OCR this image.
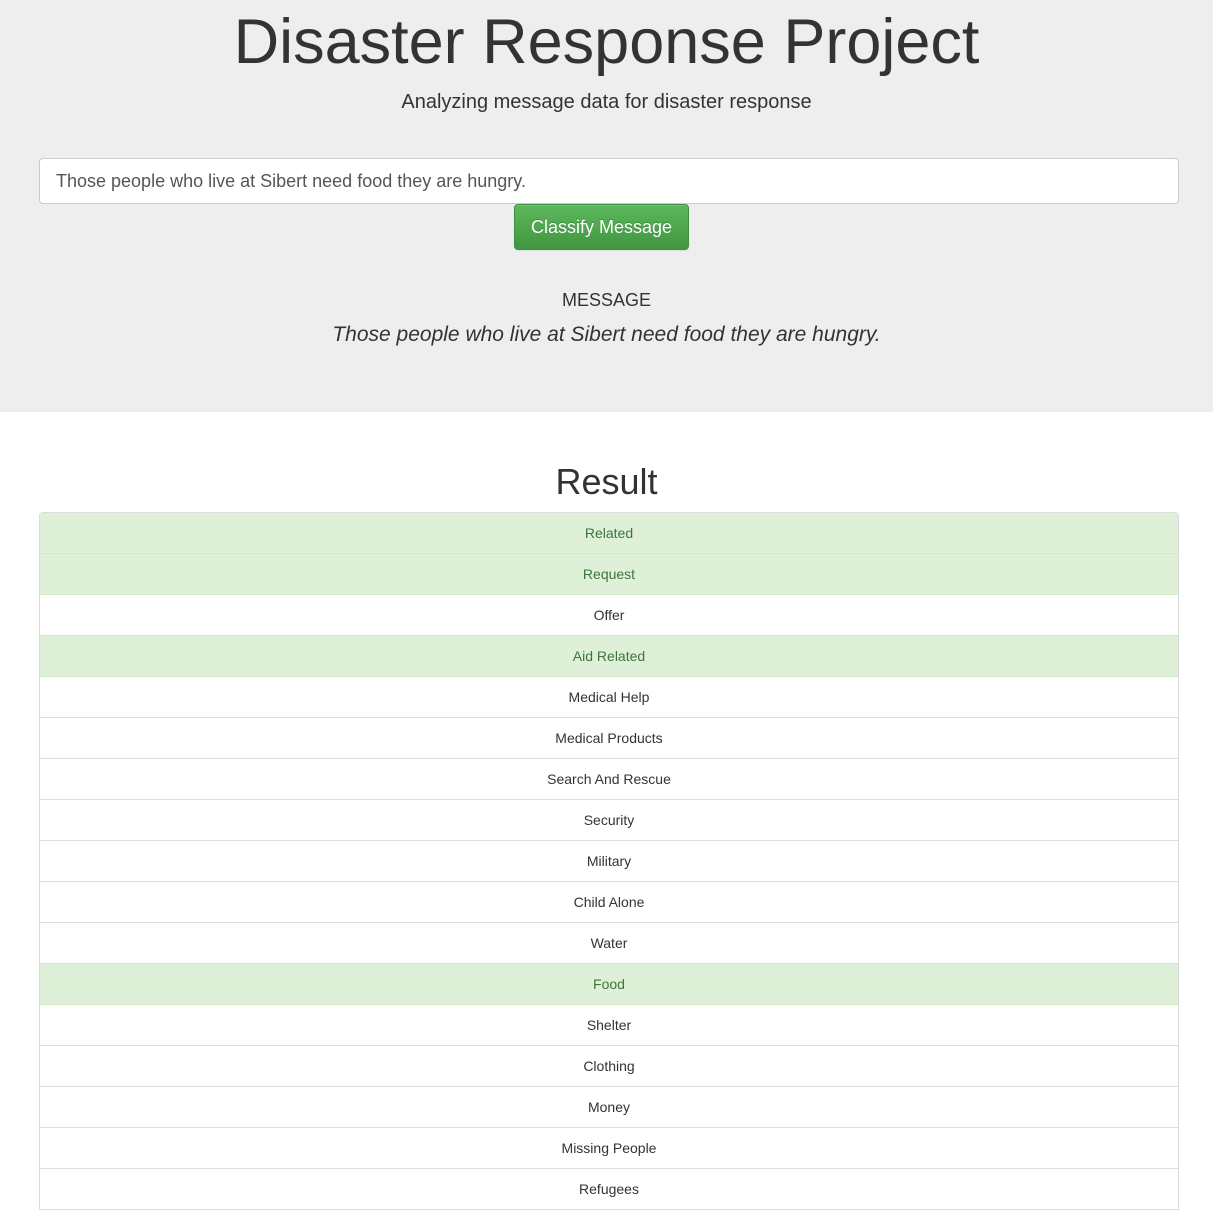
Disaster Response Project

Analyzing message data for disaster response

Those people who live at Sibert need food they are hungry.
Classify Message
MESSAGE

Those people who live at Sibert need food they are hungry.

Result
Related
Request
Offer
Aid Related
Medical Help
Medical Products
Search And Rescue
Security
Military
Child Alone
Water
Food
Shelter
Clothing
Money
Missing People
Refugees
